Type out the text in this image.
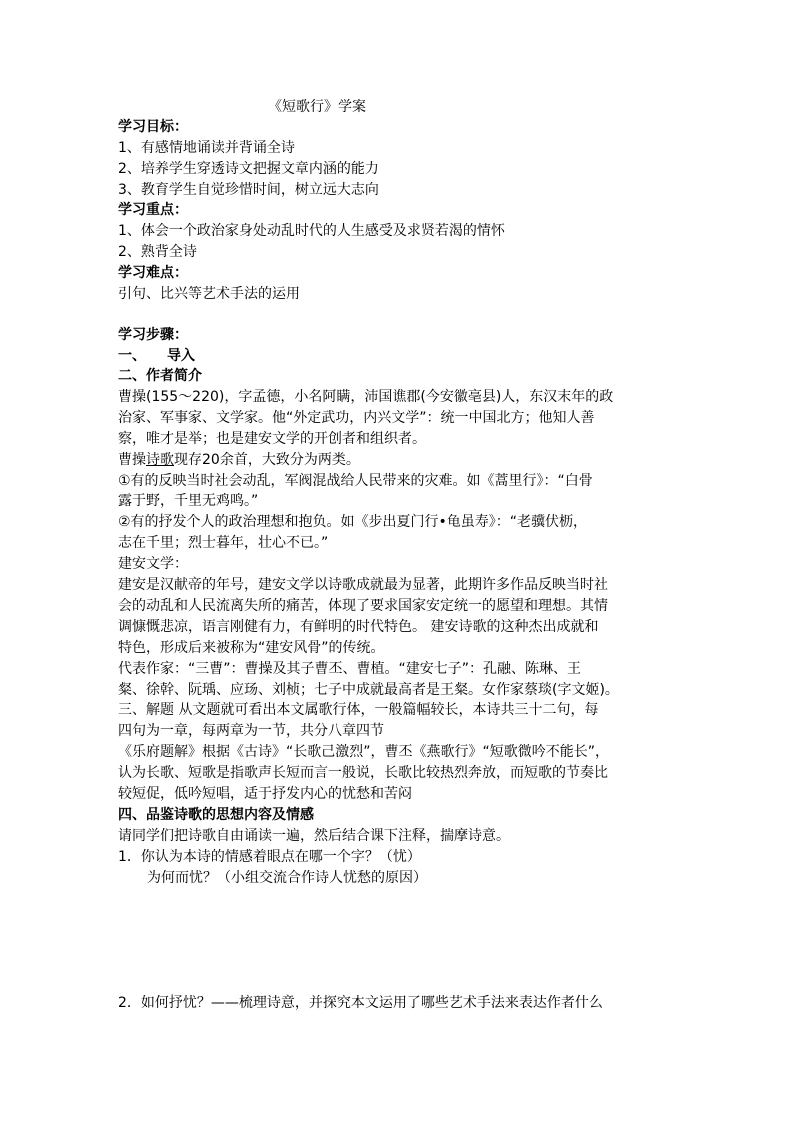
《短歌行》学案
学习目标：
1、有感情地诵读并背诵全诗
2、培养学生穿透诗文把握文章内涵的能力
3、教育学生自觉珍惜时间，树立远大志向
学习重点：
1、体会一个政治家身处动乱时代的人生感受及求贤若渴的情怀
2、熟背全诗
学习难点：
引句、比兴等艺术手法的运用
学习步骤：
一、　　导入
二、作者简介
曹操(155～220)，字孟德，小名阿瞒，沛国谯郡(今安徽亳县)人，东汉末年的政
治家、军事家、文学家。他“外定武功，内兴文学”：统一中国北方；他知人善
察，唯才是举；也是建安文学的开创者和组织者。
曹操诗歌现存20余首，大致分为两类。
①有的反映当时社会动乱，军阀混战给人民带来的灾难。如《蒿里行》：“白骨
露于野，千里无鸡鸣。”
②有的抒发个人的政治理想和抱负。如《步出夏门行•龟虽寿》：“老骥伏枥，
志在千里；烈士暮年，壮心不已。”
建安文学：
建安是汉献帝的年号，建安文学以诗歌成就最为显著，此期许多作品反映当时社
会的动乱和人民流离失所的痛苦，体现了要求国家安定统一的愿望和理想。其情
调慷慨悲凉，语言刚健有力，有鲜明的时代特色。 建安诗歌的这种杰出成就和
特色，形成后来被称为“建安风骨”的传统。
代表作家：“三曹”：曹操及其子曹丕、曹植。“建安七子”：孔融、陈琳、王
粲、徐幹、阮瑀、应玚、刘桢；七子中成就最高者是王粲。女作家蔡琰(字文姬)。
三、解题 从文题就可看出本文属歌行体，一般篇幅较长，本诗共三十二句，每
四句为一章，每两章为一节，共分八章四节
《乐府题解》根据《古诗》“长歌己激烈”，曹丕《燕歌行》“短歌微吟不能长”，
认为长歌、短歌是指歌声长短而言一般说，长歌比较热烈奔放，而短歌的节奏比
较短促，低吟短唱，适于抒发内心的忧愁和苦闷
四、品鉴诗歌的思想内容及情感
请同学们把诗歌自由诵读一遍，然后结合课下注释，揣摩诗意。
1．你认为本诗的情感着眼点在哪一个字？（忧）
为何而忧？（小组交流合作诗人忧愁的原因）
2．如何抒忧？——梳理诗意，并探究本文运用了哪些艺术手法来表达作者什么
